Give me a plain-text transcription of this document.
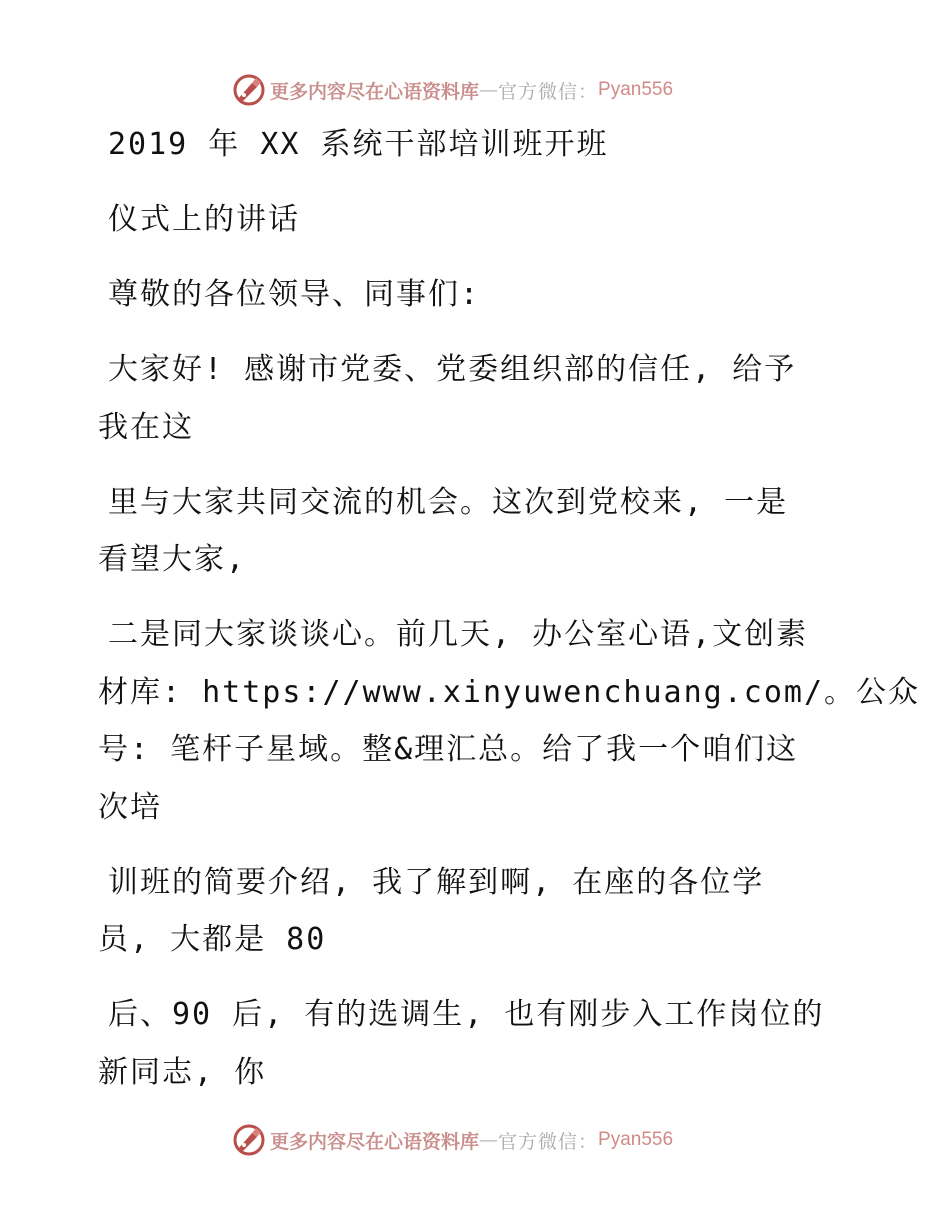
更多内容尽在心语资料库 — 官方微信： Pyan556
2019 年 XX 系统干部培训班开班
仪式上的讲话
尊敬的各位领导、同事们:
大家好! 感谢市党委、党委组织部的信任, 给予
我在这
里与大家共同交流的机会。这次到党校来, 一是
看望大家,
二是同大家谈谈心。前几天, 办公室心语,文创素
材库: https://www.xinyuwenchuang.com/。公众
号: 笔杆子星域。整&理汇总。给了我一个咱们这
次培
训班的简要介绍, 我了解到啊, 在座的各位学
员, 大都是 80
后、90 后, 有的选调生, 也有刚步入工作岗位的
新同志, 你
更多内容尽在心语资料库 — 官方微信： Pyan556
